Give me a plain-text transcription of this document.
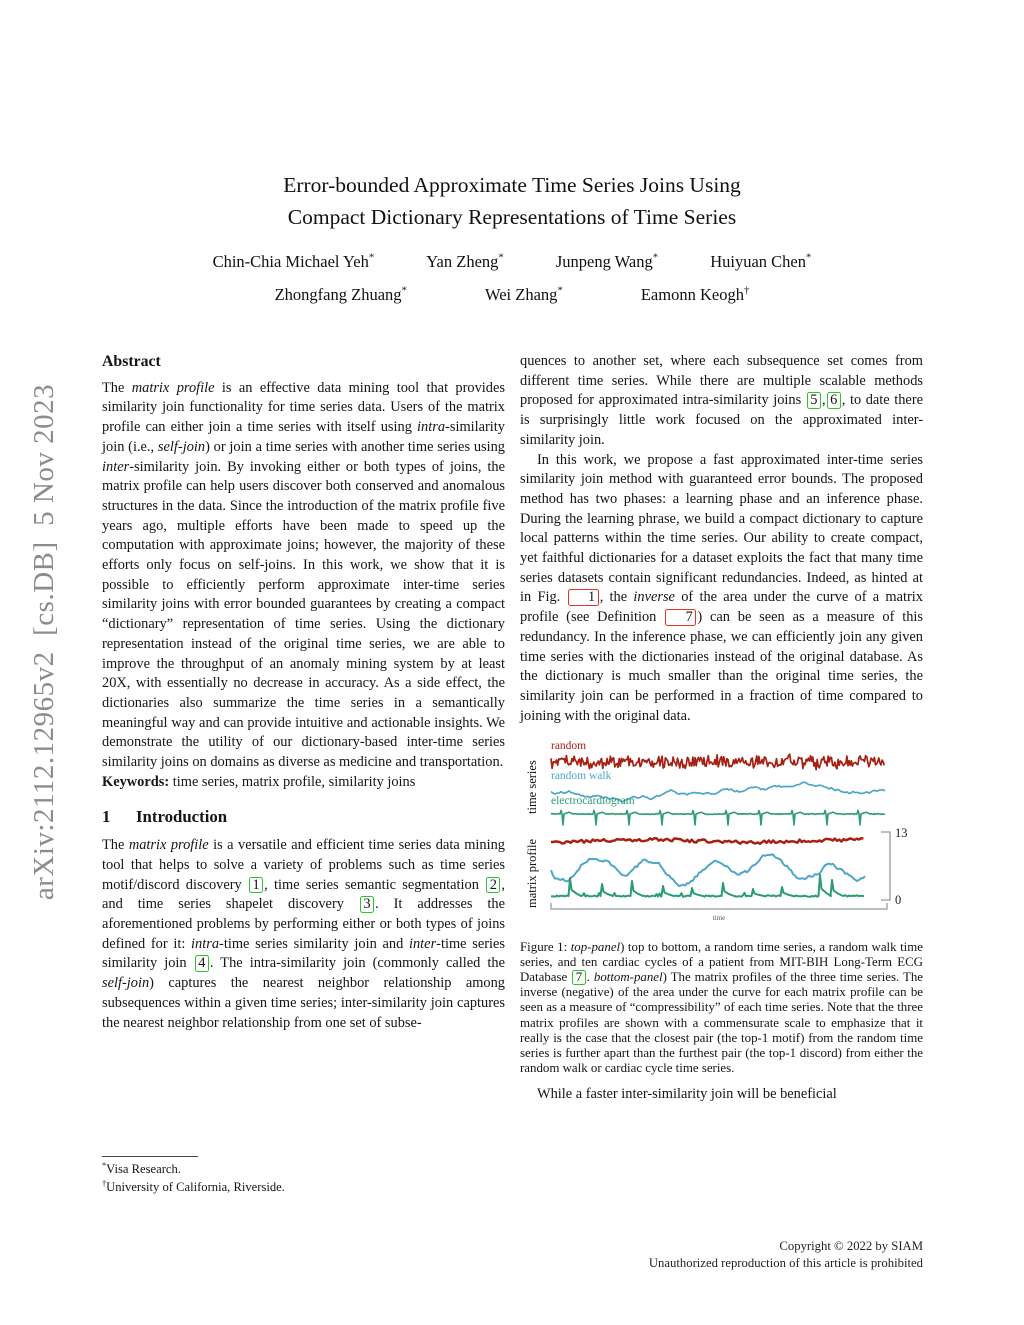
arXiv:2112.12965v2  [cs.DB]  5 Nov 2023
Error-bounded Approximate Time Series Joins Using
Compact Dictionary Representations of Time Series
Chin-Chia Michael Yeh*	Yan Zheng*	Junpeng Wang*	Huiyuan Chen*
Zhongfang Zhuang*	Wei Zhang*	Eamonn Keogh†
Abstract

The matrix profile is an effective data mining tool that provides similarity join functionality for time series data. Users of the matrix profile can either join a time series with itself using intra-similarity join (i.e., self-join) or join a time series with another time series using inter-similarity join. By invoking either or both types of joins, the matrix profile can help users discover both conserved and anomalous structures in the data. Since the introduction of the matrix profile five years ago, multiple efforts have been made to speed up the computation with approximate joins; however, the majority of these efforts only focus on self-joins. In this work, we show that it is possible to efficiently perform approximate inter-time series similarity joins with error bounded guarantees by creating a compact “dictionary” representation of time series. Using the dictionary representation instead of the original time series, we are able to improve the throughput of an anomaly mining system by at least 20X, with essentially no decrease in accuracy. As a side effect, the dictionaries also summarize the time series in a semantically meaningful way and can provide intuitive and actionable insights. We demonstrate the utility of our dictionary-based inter-time series similarity joins on domains as diverse as medicine and transportation.

Keywords: time series, matrix profile, similarity joins

1 Introduction

The matrix profile is a versatile and efficient time series data mining tool that helps to solve a variety of problems such as time series motif/discord discovery 1 , time series semantic segmentation 2 , and time series shapelet discovery 3 . It addresses the aforementioned problems by performing either or both types of joins defined for it: intra-time series similarity join and inter-time series similarity join 4 . The intra-similarity join (commonly called the self-join) captures the nearest neighbor relationship among subsequences within a given time series; inter-similarity join captures the nearest neighbor relationship from one set of subse-

*Visa Research.
†University of California, Riverside.

quences to another set, where each subsequence set comes from different time series. While there are multiple scalable methods proposed for approximated intra-similarity joins 5 , 6 , to date there is surprisingly little work focused on the approximated inter-similarity join.

In this work, we propose a fast approximated inter-time series similarity join method with guaranteed error bounds. The proposed method has two phases: a learning phase and an inference phase. During the learning phrase, we build a compact dictionary to capture local patterns within the time series. Our ability to create compact, yet faithful dictionaries for a dataset exploits the fact that many time series datasets contain significant redundancies. Indeed, as hinted at in Fig. 1 , the inverse of the area under the curve of a matrix profile (see Definition 7 ) can be seen as a measure of this redundancy. In the inference phase, we can efficiently join any given time series with the dictionaries instead of the original database. As the dictionary is much smaller than the original time series, the similarity join can be performed in a fraction of time compared to joining with the original data.

time series
matrix profile
random
random walk
electrocardiogram
13
0
time
Figure 1: top-panel) top to bottom, a random time series, a random walk time series, and ten cardiac cycles of a patient from MIT-BIH Long-Term ECG Database 7 . bottom-panel) The matrix profiles of the three time series. The inverse (negative) of the area under the curve for each matrix profile can be seen as a measure of “compressibility” of each time series. Note that the three matrix profiles are shown with a commensurate scale to emphasize that it really is the case that the closest pair (the top-1 motif) from the random time series is further apart than the furthest pair (the top-1 discord) from either the random walk or cardiac cycle time series.

While a faster inter-similarity join will be beneficial

Copyright © 2022 by SIAM
Unauthorized reproduction of this article is prohibited
